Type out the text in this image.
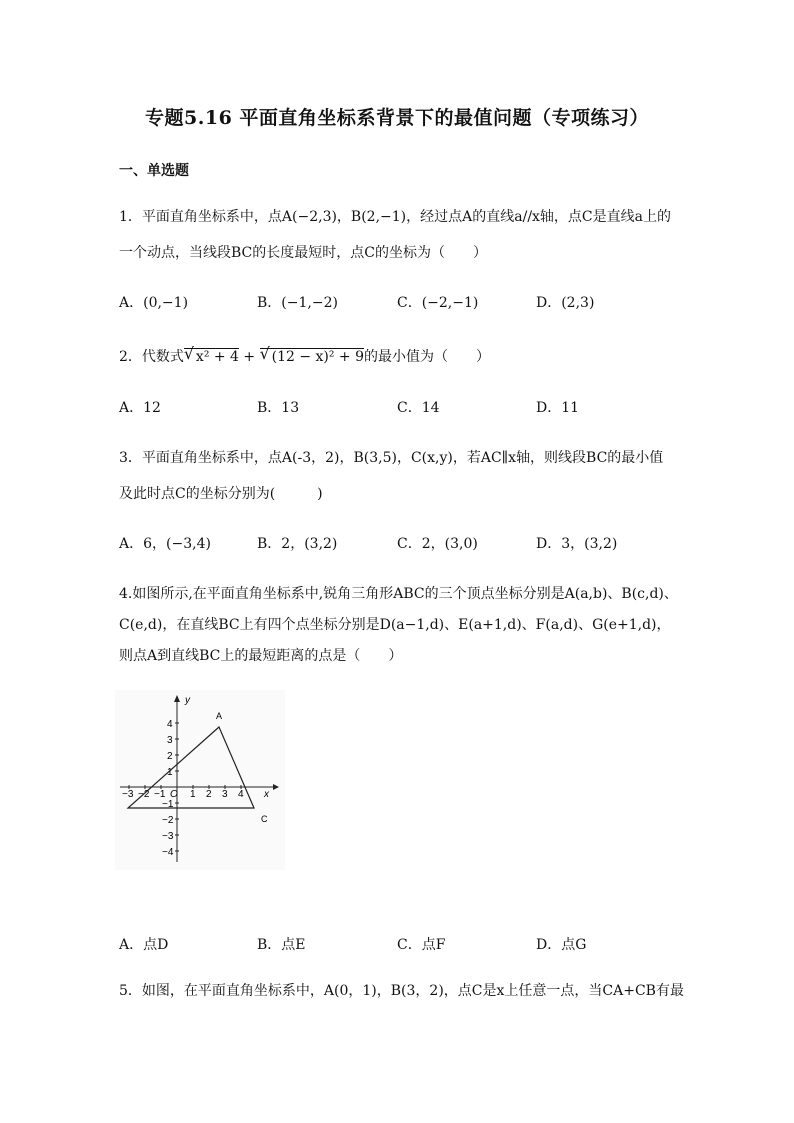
专题5.16 平面直角坐标系背景下的最值问题（专项练习）
一、单选题
1．平面直角坐标系中，点A(−2,3)，B(2,−1)，经过点A的直线a//x轴，点C是直线a上的
一个动点，当线段BC的长度最短时，点C的坐标为（　　）
A．(0,−1)	B．(−1,−2)	C．(−2,−1)	D．(2,3)
2．代数式√ x² + 4 + √ (12 − x)² + 9的最小值为（　　）
A．12	B．13	C．14	D．11
3．平面直角坐标系中，点A(-3，2)，B(3,5)，C(x,y)，若AC∥x轴，则线段BC的最小值
及此时点C的坐标分别为(　　　)
A．6，(−3,4)	B．2，(3,2)	C．2，(3,0)	D．3，(3,2)
4.如图所示,在平面直角坐标系中,锐角三角形ABC的三个顶点坐标分别是A(a,b)、B(c,d)、
C(e,d)，在直线BC上有四个点坐标分别是D(a−1,d)、E(a+1,d)、F(a,d)、G(e+1,d)，
则点A到直线BC上的最短距离的点是（　　）
y
x
O
A
C
−3 −2 −1 1 2 3 4
4
3
2
1
−1
−2
−3
−4
A．点D	B．点E	C．点F	D．点G
5．如图，在平面直角坐标系中，A(0，1)，B(3，2)，点C是x上任意一点，当CA+CB有最
